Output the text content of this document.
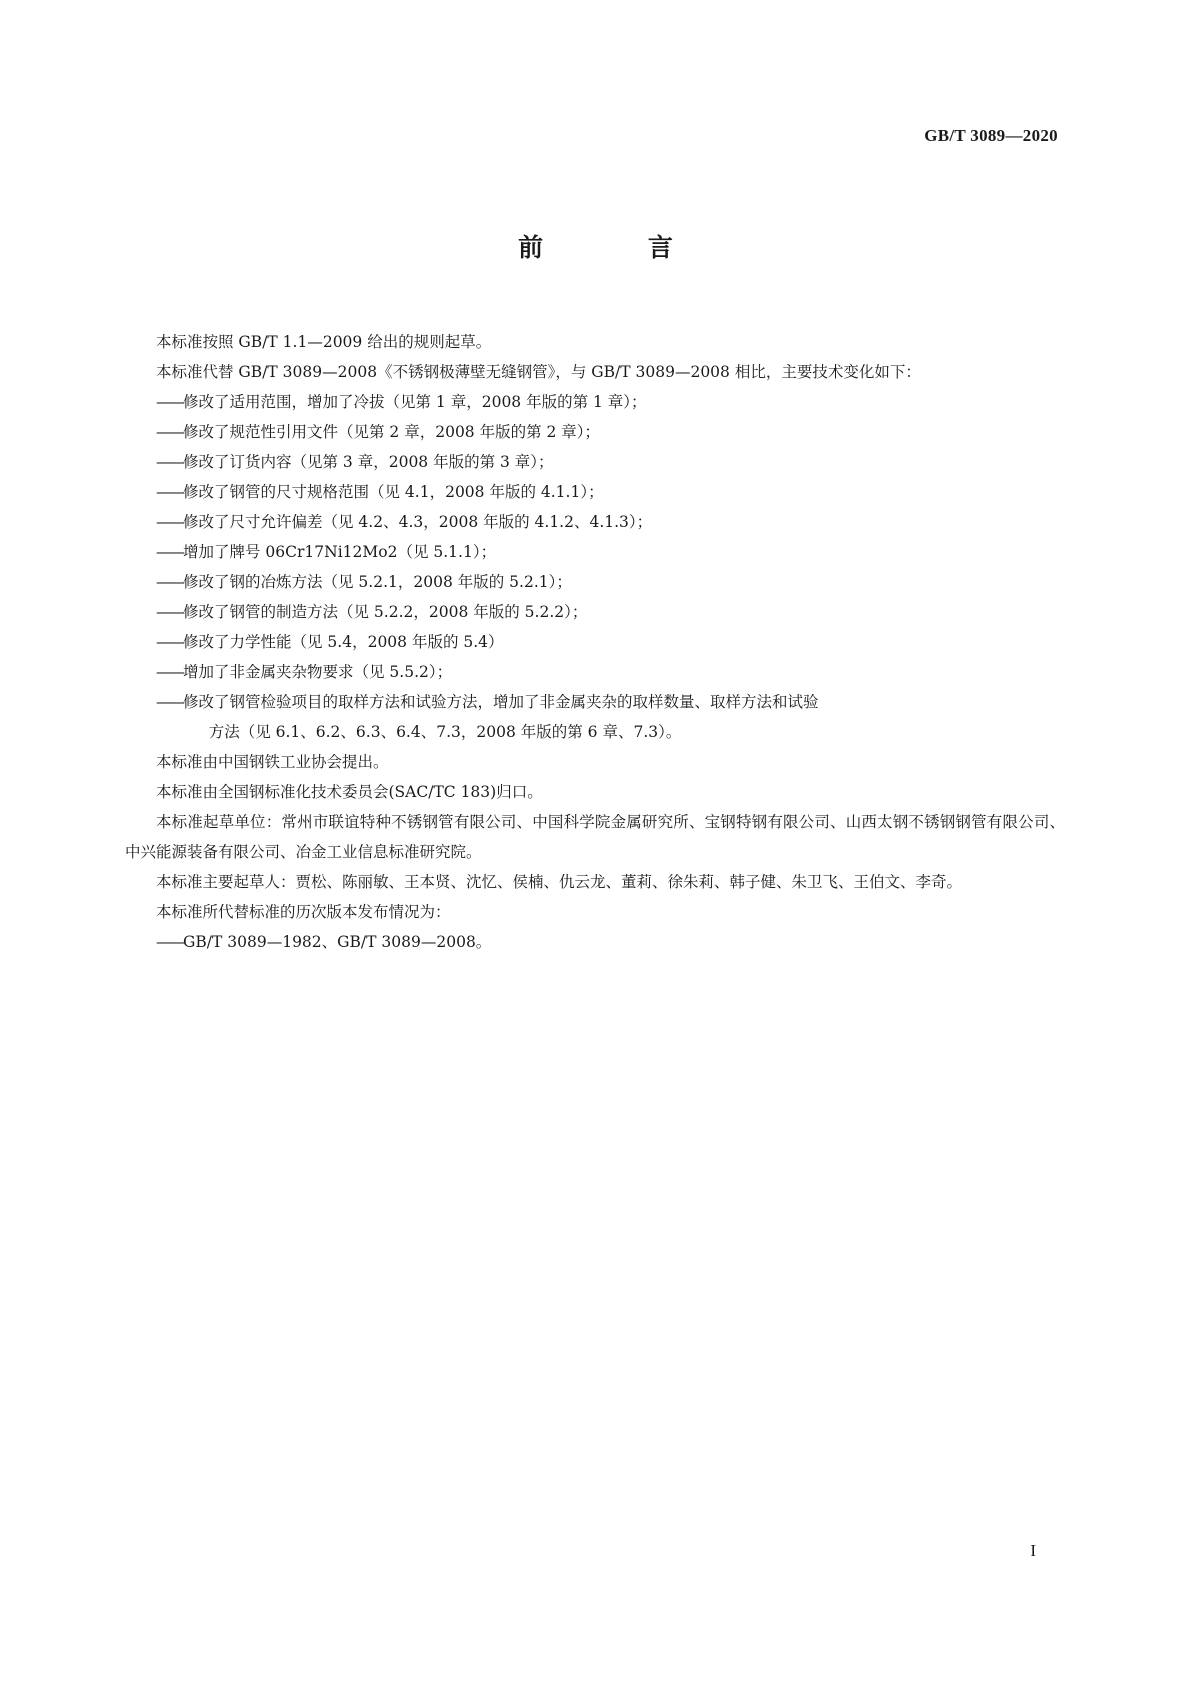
GB/T 3089—2020
前 言

本标准按照 GB/T 1.1—2009 给出的规则起草。

本标准代替 GB/T 3089—2008《不锈钢极薄壁无缝钢管》，与 GB/T 3089—2008 相比，主要技术变化如下：

——修改了适用范围，增加了冷拔（见第 1 章，2008 年版的第 1 章）；

——修改了规范性引用文件（见第 2 章，2008 年版的第 2 章）；

——修改了订货内容（见第 3 章，2008 年版的第 3 章）；

——修改了钢管的尺寸规格范围（见 4.1，2008 年版的 4.1.1）；

——修改了尺寸允许偏差（见 4.2、4.3，2008 年版的 4.1.2、4.1.3）；

——增加了牌号 06Cr17Ni12Mo2（见 5.1.1）；

——修改了钢的冶炼方法（见 5.2.1，2008 年版的 5.2.1）；

——修改了钢管的制造方法（见 5.2.2，2008 年版的 5.2.2）；

——修改了力学性能（见 5.4，2008 年版的 5.4）

——增加了非金属夹杂物要求（见 5.5.2）；

——修改了钢管检验项目的取样方法和试验方法，增加了非金属夹杂的取样数量、取样方法和试验

方法（见 6.1、6.2、6.3、6.4、7.3，2008 年版的第 6 章、7.3）。

本标准由中国钢铁工业协会提出。

本标准由全国钢标准化技术委员会(SAC/TC 183)归口。

本标准起草单位：常州市联谊特种不锈钢管有限公司、中国科学院金属研究所、宝钢特钢有限公司、山西太钢不锈钢钢管有限公司、中兴能源装备有限公司、冶金工业信息标准研究院。

本标准主要起草人：贾松、陈丽敏、王本贤、沈忆、侯楠、仇云龙、董莉、徐朱莉、韩子健、朱卫飞、王伯文、李奇。

本标准所代替标准的历次版本发布情况为：

——GB/T 3089—1982、GB/T 3089—2008。

I
